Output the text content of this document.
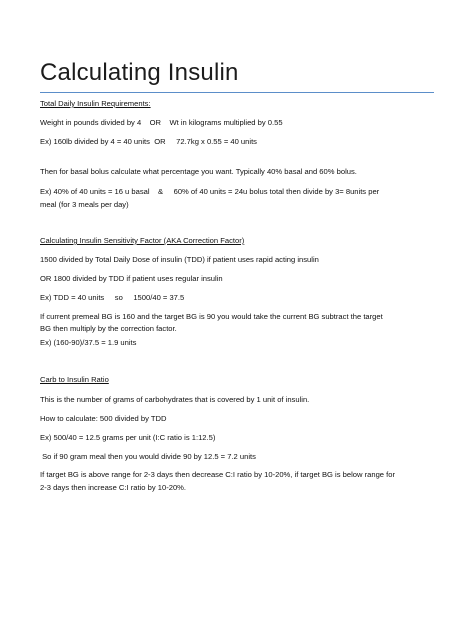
Calculating Insulin
Total Daily Insulin Requirements:
Weight in pounds divided by 4    OR    Wt in kilograms multiplied by 0.55
Ex) 160lb divided by 4 = 40 units  OR     72.7kg x 0.55 = 40 units
Then for basal bolus calculate what percentage you want. Typically 40% basal and 60% bolus.
Ex) 40% of 40 units = 16 u basal    &     60% of 40 units = 24u bolus total then divide by 3= 8units per
meal (for 3 meals per day)
Calculating Insulin Sensitivity Factor (AKA Correction Factor)
1500 divided by Total Daily Dose of insulin (TDD) if patient uses rapid acting insulin
OR 1800 divided by TDD if patient uses regular insulin
Ex) TDD = 40 units     so     1500/40 = 37.5
If current premeal BG is 160 and the target BG is 90 you would take the current BG subtract the target
BG then multiply by the correction factor.
Ex) (160-90)/37.5 = 1.9 units
Carb to Insulin Ratio
This is the number of grams of carbohydrates that is covered by 1 unit of insulin.
How to calculate: 500 divided by TDD
Ex) 500/40 = 12.5 grams per unit (I:C ratio is 1:12.5)
So if 90 gram meal then you would divide 90 by 12.5 = 7.2 units
If target BG is above range for 2-3 days then decrease C:I ratio by 10-20%, if target BG is below range for
2-3 days then increase C:I ratio by 10-20%.
